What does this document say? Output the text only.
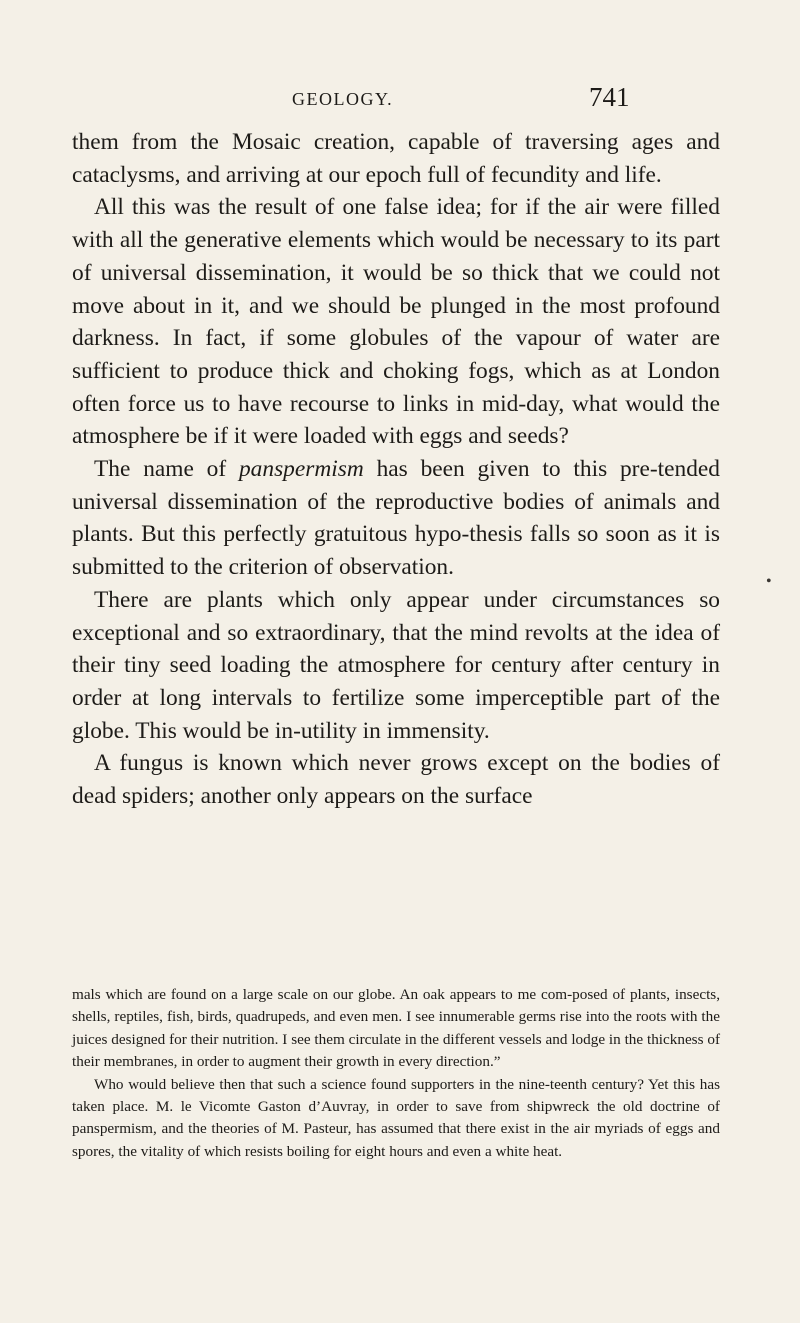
GEOLOGY.	741

them from the Mosaic creation, capable of traversing ages and cataclysms, and arriving at our epoch full of fecundity and life.

All this was the result of one false idea; for if the air were filled with all the generative elements which would be necessary to its part of universal dissemination, it would be so thick that we could not move about in it, and we should be plunged in the most profound darkness. In fact, if some globules of the vapour of water are sufficient to produce thick and choking fogs, which as at London often force us to have recourse to links in mid-day, what would the atmosphere be if it were loaded with eggs and seeds?

The name of panspermism has been given to this pre-tended universal dissemination of the reproductive bodies of animals and plants. But this perfectly gratuitous hypo-thesis falls so soon as it is submitted to the criterion of observation.

There are plants which only appear under circumstances so exceptional and so extraordinary, that the mind revolts at the idea of their tiny seed loading the atmosphere for century after century in order at long intervals to fertilize some imperceptible part of the globe. This would be in-utility in immensity.

A fungus is known which never grows except on the bodies of dead spiders; another only appears on the surface

•

mals which are found on a large scale on our globe. An oak appears to me com-posed of plants, insects, shells, reptiles, fish, birds, quadrupeds, and even men. I see innumerable germs rise into the roots with the juices designed for their nutrition. I see them circulate in the different vessels and lodge in the thickness of their membranes, in order to augment their growth in every direction.”

Who would believe then that such a science found supporters in the nine-teenth century? Yet this has taken place. M. le Vicomte Gaston d’Auvray, in order to save from shipwreck the old doctrine of panspermism, and the theories of M. Pasteur, has assumed that there exist in the air myriads of eggs and spores, the vitality of which resists boiling for eight hours and even a white heat.
